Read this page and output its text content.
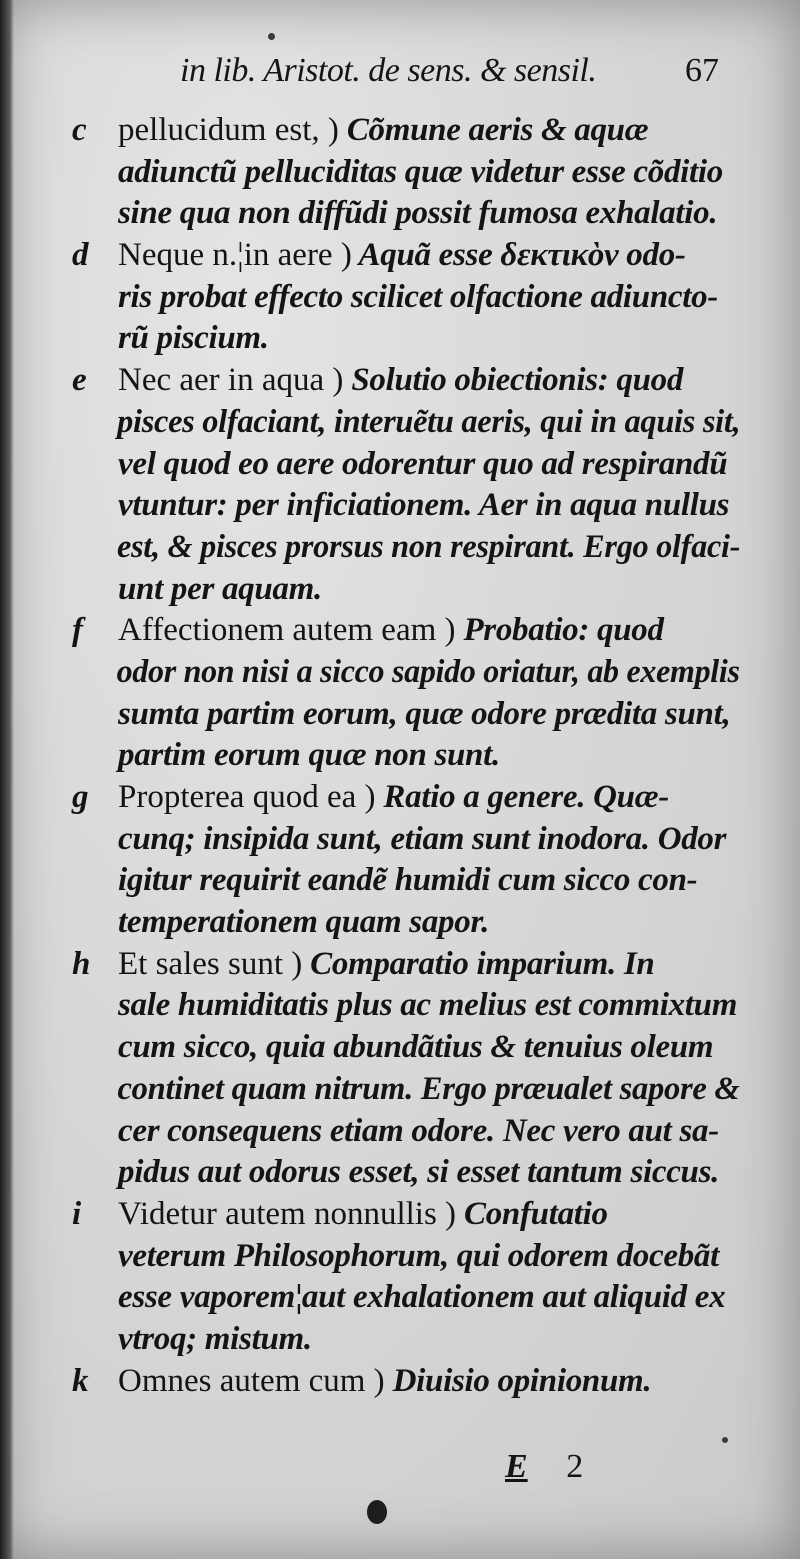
in lib. Aristot. de sens. & sensil.	67
c pellucidum est, ) Cõmune aeris & aquæ
adiunctũ pelluciditas quæ videtur esse cõditio
sine qua non diffũdi possit fumosa exhalatio.
d Neque n.¦in aere ) Aquã esse δεκτικὸν odo-
ris probat effecto scilicet olfactione adiuncto-
rũ piscium.
e Nec aer in aqua ) Solutio obiectionis: quod
pisces olfaciant, interuẽtu aeris, qui in aquis sit,
vel quod eo aere odorentur quo ad respirandũ
vtuntur: per inficiationem. Aer in aqua nullus
est, & pisces prorsus non respirant. Ergo olfaci-
unt per aquam.
f Affectionem autem eam ) Probatio: quod
odor non nisi a sicco sapido oriatur, ab exemplis
sumta partim eorum, quæ odore prædita sunt,
partim eorum quæ non sunt.
g Propterea quod ea ) Ratio a genere. Quæ-
cunq; insipida sunt, etiam sunt inodora. Odor
igitur requirit eandẽ humidi cum sicco con-
temperationem quam sapor.
h Et sales sunt ) Comparatio imparium. In
sale humiditatis plus ac melius est commixtum
cum sicco, quia abundãtius & tenuius oleum
continet quam nitrum. Ergo præualet sapore &
cer consequens etiam odore. Nec vero aut sa-
pidus aut odorus esset, si esset tantum siccus.
i Videtur autem nonnullis ) Confutatio
veterum Philosophorum, qui odorem docebãt
esse vaporem¦aut exhalationem aut aliquid ex
vtroq; mistum.
k Omnes autem cum ) Diuisio opinionum.
E 2
